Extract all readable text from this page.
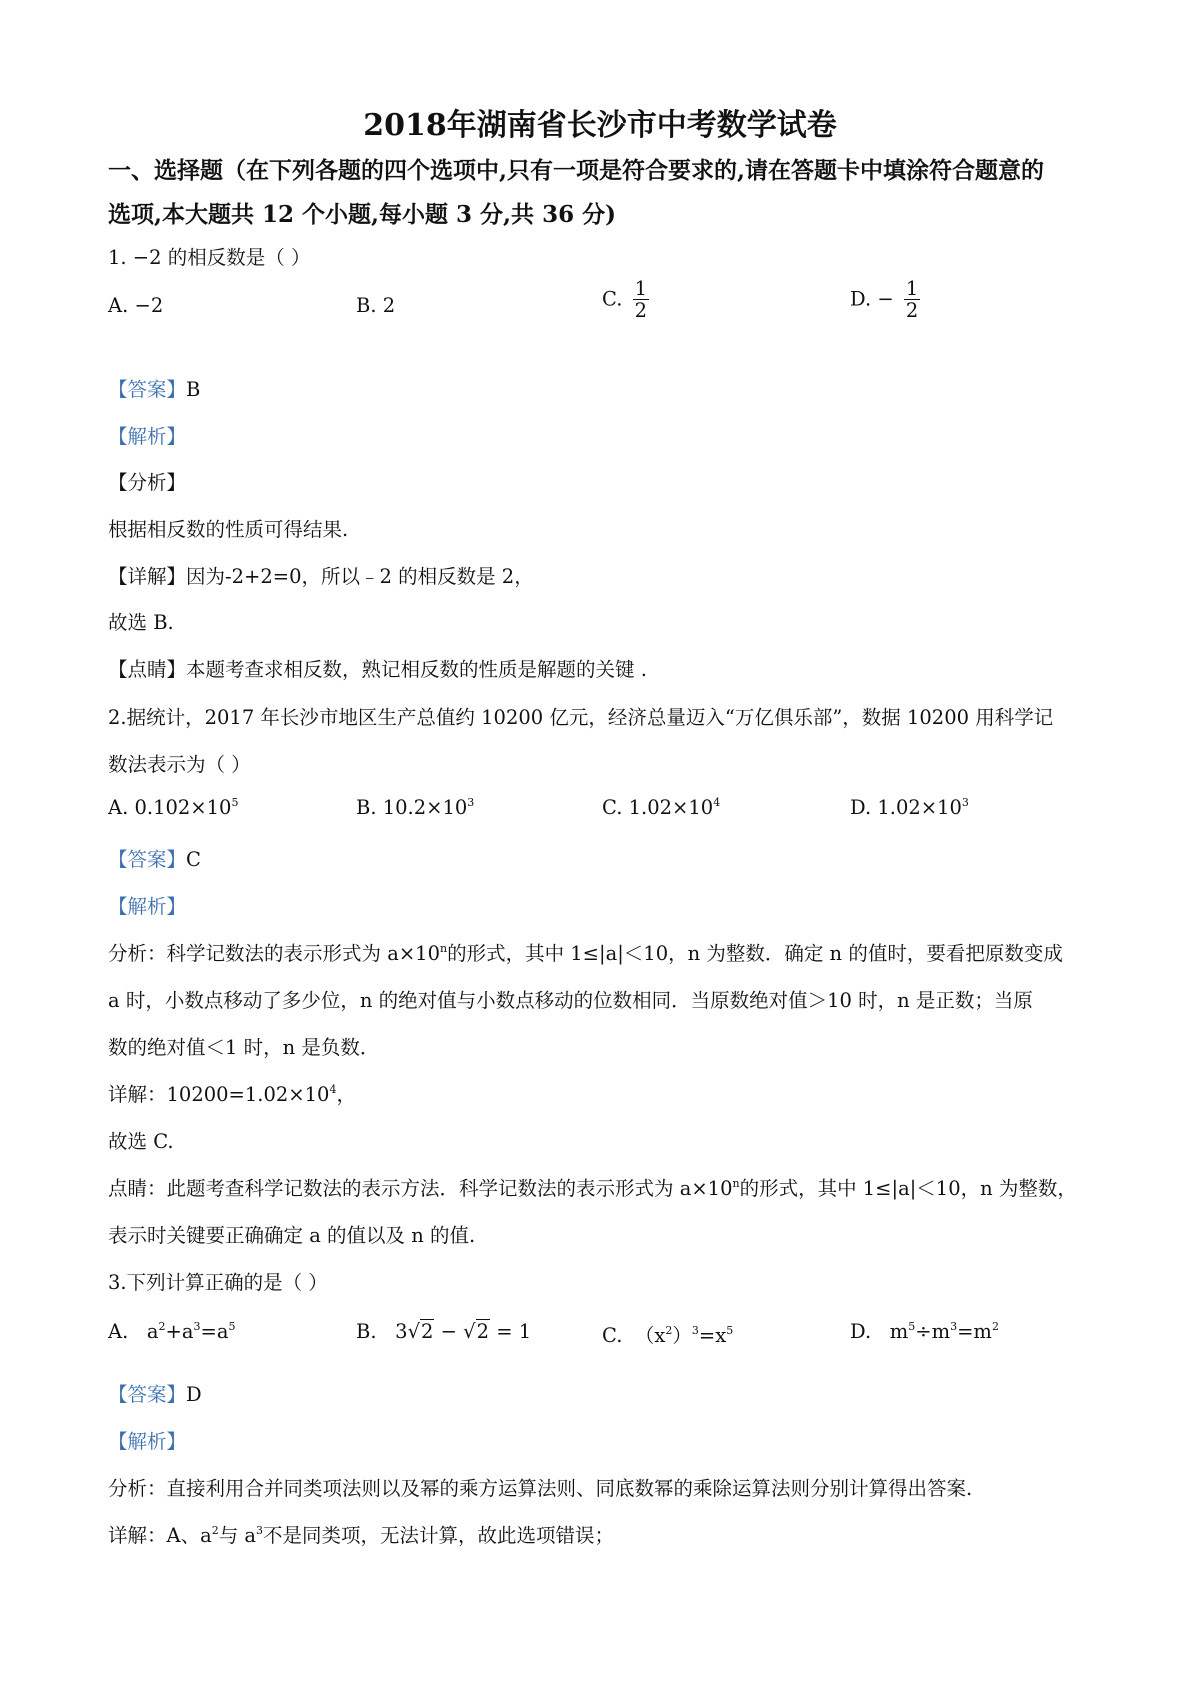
2018年湖南省长沙市中考数学试卷
一、选择题（在下列各题的四个选项中,只有一项是符合要求的,请在答题卡中填涂符合题意的
选项,本大题共 12 个小题,每小题 3 分,共 36 分)
1. −2 的相反数是（ ）
A. −2	B. 2	C. $\frac{1}{2}$	D. − $\frac{1}{2}$
【答案】B
【解析】
【分析】
根据相反数的性质可得结果.
【详解】因为-2+2=0，所以﹣2 的相反数是 2，
故选 B.
【点睛】本题考查求相反数，熟记相反数的性质是解题的关键 .
2.据统计，2017 年长沙市地区生产总值约 10200 亿元，经济总量迈入“万亿俱乐部”，数据 10200 用科学记
数法表示为（ ）
A. $0.102\times 10^5$	B. $10.2\times 10^3$	C. $1.02\times 10^4$	D. $1.02\times 10^3$
【答案】C
【解析】
分析：科学记数法的表示形式为 $a\times 10^n$的形式，其中 1≤|a|＜10，n 为整数．确定 n 的值时，要看把原数变成
a 时，小数点移动了多少位，n 的绝对值与小数点移动的位数相同．当原数绝对值＞10 时，n 是正数；当原
数的绝对值＜1 时，n 是负数．
详解：$10200=1.02\times 10^4$，
故选 C.
点睛：此题考查科学记数法的表示方法．科学记数法的表示形式为 $a\times 10^n$的形式，其中 1≤|a|＜10，n 为整数，
表示时关键要正确确定 a 的值以及 n 的值.
3.下列计算正确的是（ ）
A. $a^2+a^3=a^5$	B. 3√2 − √2 = 1	C. $(x^2)^3=x^5$	D. $m^5\div m^3=m^2$
【答案】D
【解析】
分析：直接利用合并同类项法则以及幂的乘方运算法则、同底数幂的乘除运算法则分别计算得出答案.
详解：A、$a^2$与 $a^3$不是同类项，无法计算，故此选项错误；
